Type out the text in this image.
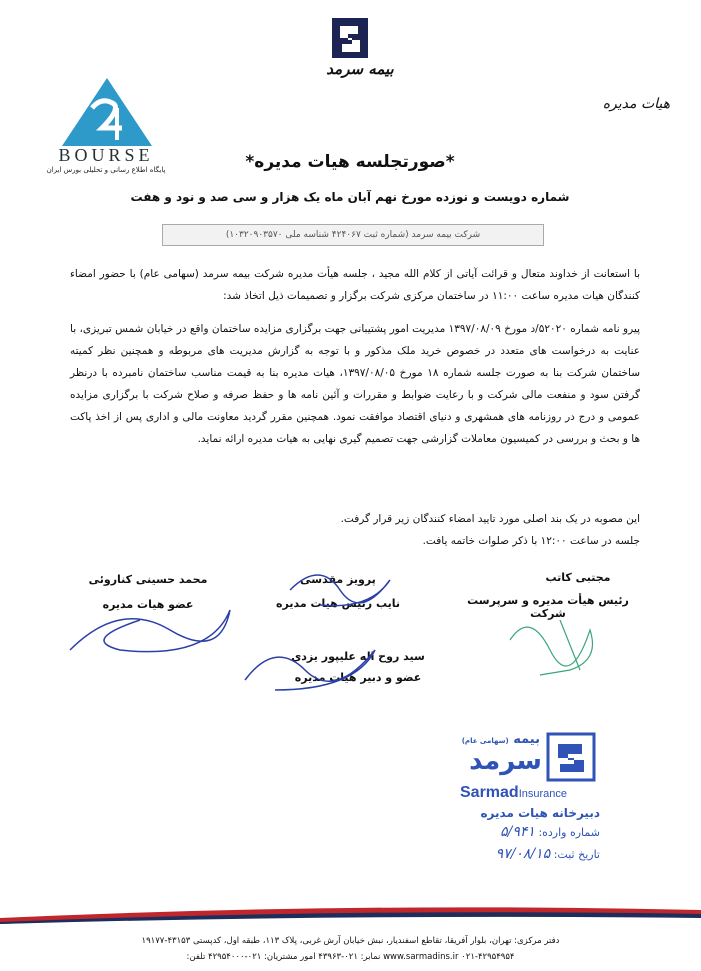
بیمه سرمد
هیات مدیره
BOURSE
پایگاه اطلاع رسانی و تحلیلی بورس ایران	*صورتجلسه هیات مدیره*
شماره دویست و نوزده مورخ نهم آبان ماه یک هزار و سی صد و نود و هفت
شرکت بیمه سرمد (شماره ثبت ۴۲۴۰۶۷ شناسه ملی ۱۰۳۲۰۹۰۳۵۷۰)
با استعانت از خداوند متعال و قرائت آیاتی از کلام الله مجید ، جلسه هیأت مدیره شرکت بیمه سرمد (سهامی عام) با حضور امضاء کنندگان هیات مدیره ساعت ۱۱:۰۰ در ساختمان مرکزی شرکت برگزار و تصمیمات ذیل اتخاذ شد:
پیرو نامه شماره ۵۲۰۲۰/د مورخ ۱۳۹۷/۰۸/۰۹ مدیریت امور پشتیبانی جهت برگزاری مزایده ساختمان واقع در خیابان شمس تبریزی، با عنایت به درخواست های متعدد در خصوص خرید ملک مذکور و با توجه به گزارش مدیریت های مربوطه و همچنین نظر کمیته ساختمان شرکت بنا به صورت جلسه شماره ۱۸ مورخ ۱۳۹۷/۰۸/۰۵، هیات مدیره بنا به قیمت مناسب ساختمان نامبرده با درنظر گرفتن سود و منفعت مالی شرکت و با رعایت ضوابط و مقررات و آئین نامه ها و حفظ صرفه و صلاح شرکت با برگزاری مزایده عمومی و درج در روزنامه های همشهری و دنیای اقتصاد موافقت نمود. همچنین مقرر گردید معاونت مالی و اداری پس از اخذ پاکت ها و بحث و بررسی در کمیسیون معاملات گزارشی جهت تصمیم گیری نهایی به هیات مدیره ارائه نماید.
این مصوبه در یک بند اصلی مورد تایید امضاء کنندگان زیر قرار گرفت.
جلسه در ساعت ۱۲:۰۰ با ذکر صلوات خاتمه یافت.
مجتبی کاتب
رئیس هیأت مدیره و سرپرست شرکت
پرویز مقدسی
نایب رئیس هیات مدیره
محمد حسینی کناروئی
عضو هیات مدیره
سید روح اله علیپور یزدی
عضو و دبیر هیات مدیره
بیمه (سهامی عام)
سرمد
SarmadInsurance
دبیرخانه هیات مدیره
شماره وارده: ۵/۹۴۱
تاریخ ثبت: ۹۷/۰۸/۱۵
دفتر مرکزی: تهران، بلوار آفریقا، تقاطع اسفندیار، نبش خیابان آرش غربی، پلاک ۱۱۳، طبقه اول، کدپستی ۴۳۱۵۳-۱۹۱۷۷
www.sarmadins.ir ۰۲۱-۴۲۹۵۴۹۵۴ نمابر: ۰۲۱-۴۳۹۶۳ امور مشتریان: ۰۲۱-۴۲۹۵۴۰۰۰ تلفن:
